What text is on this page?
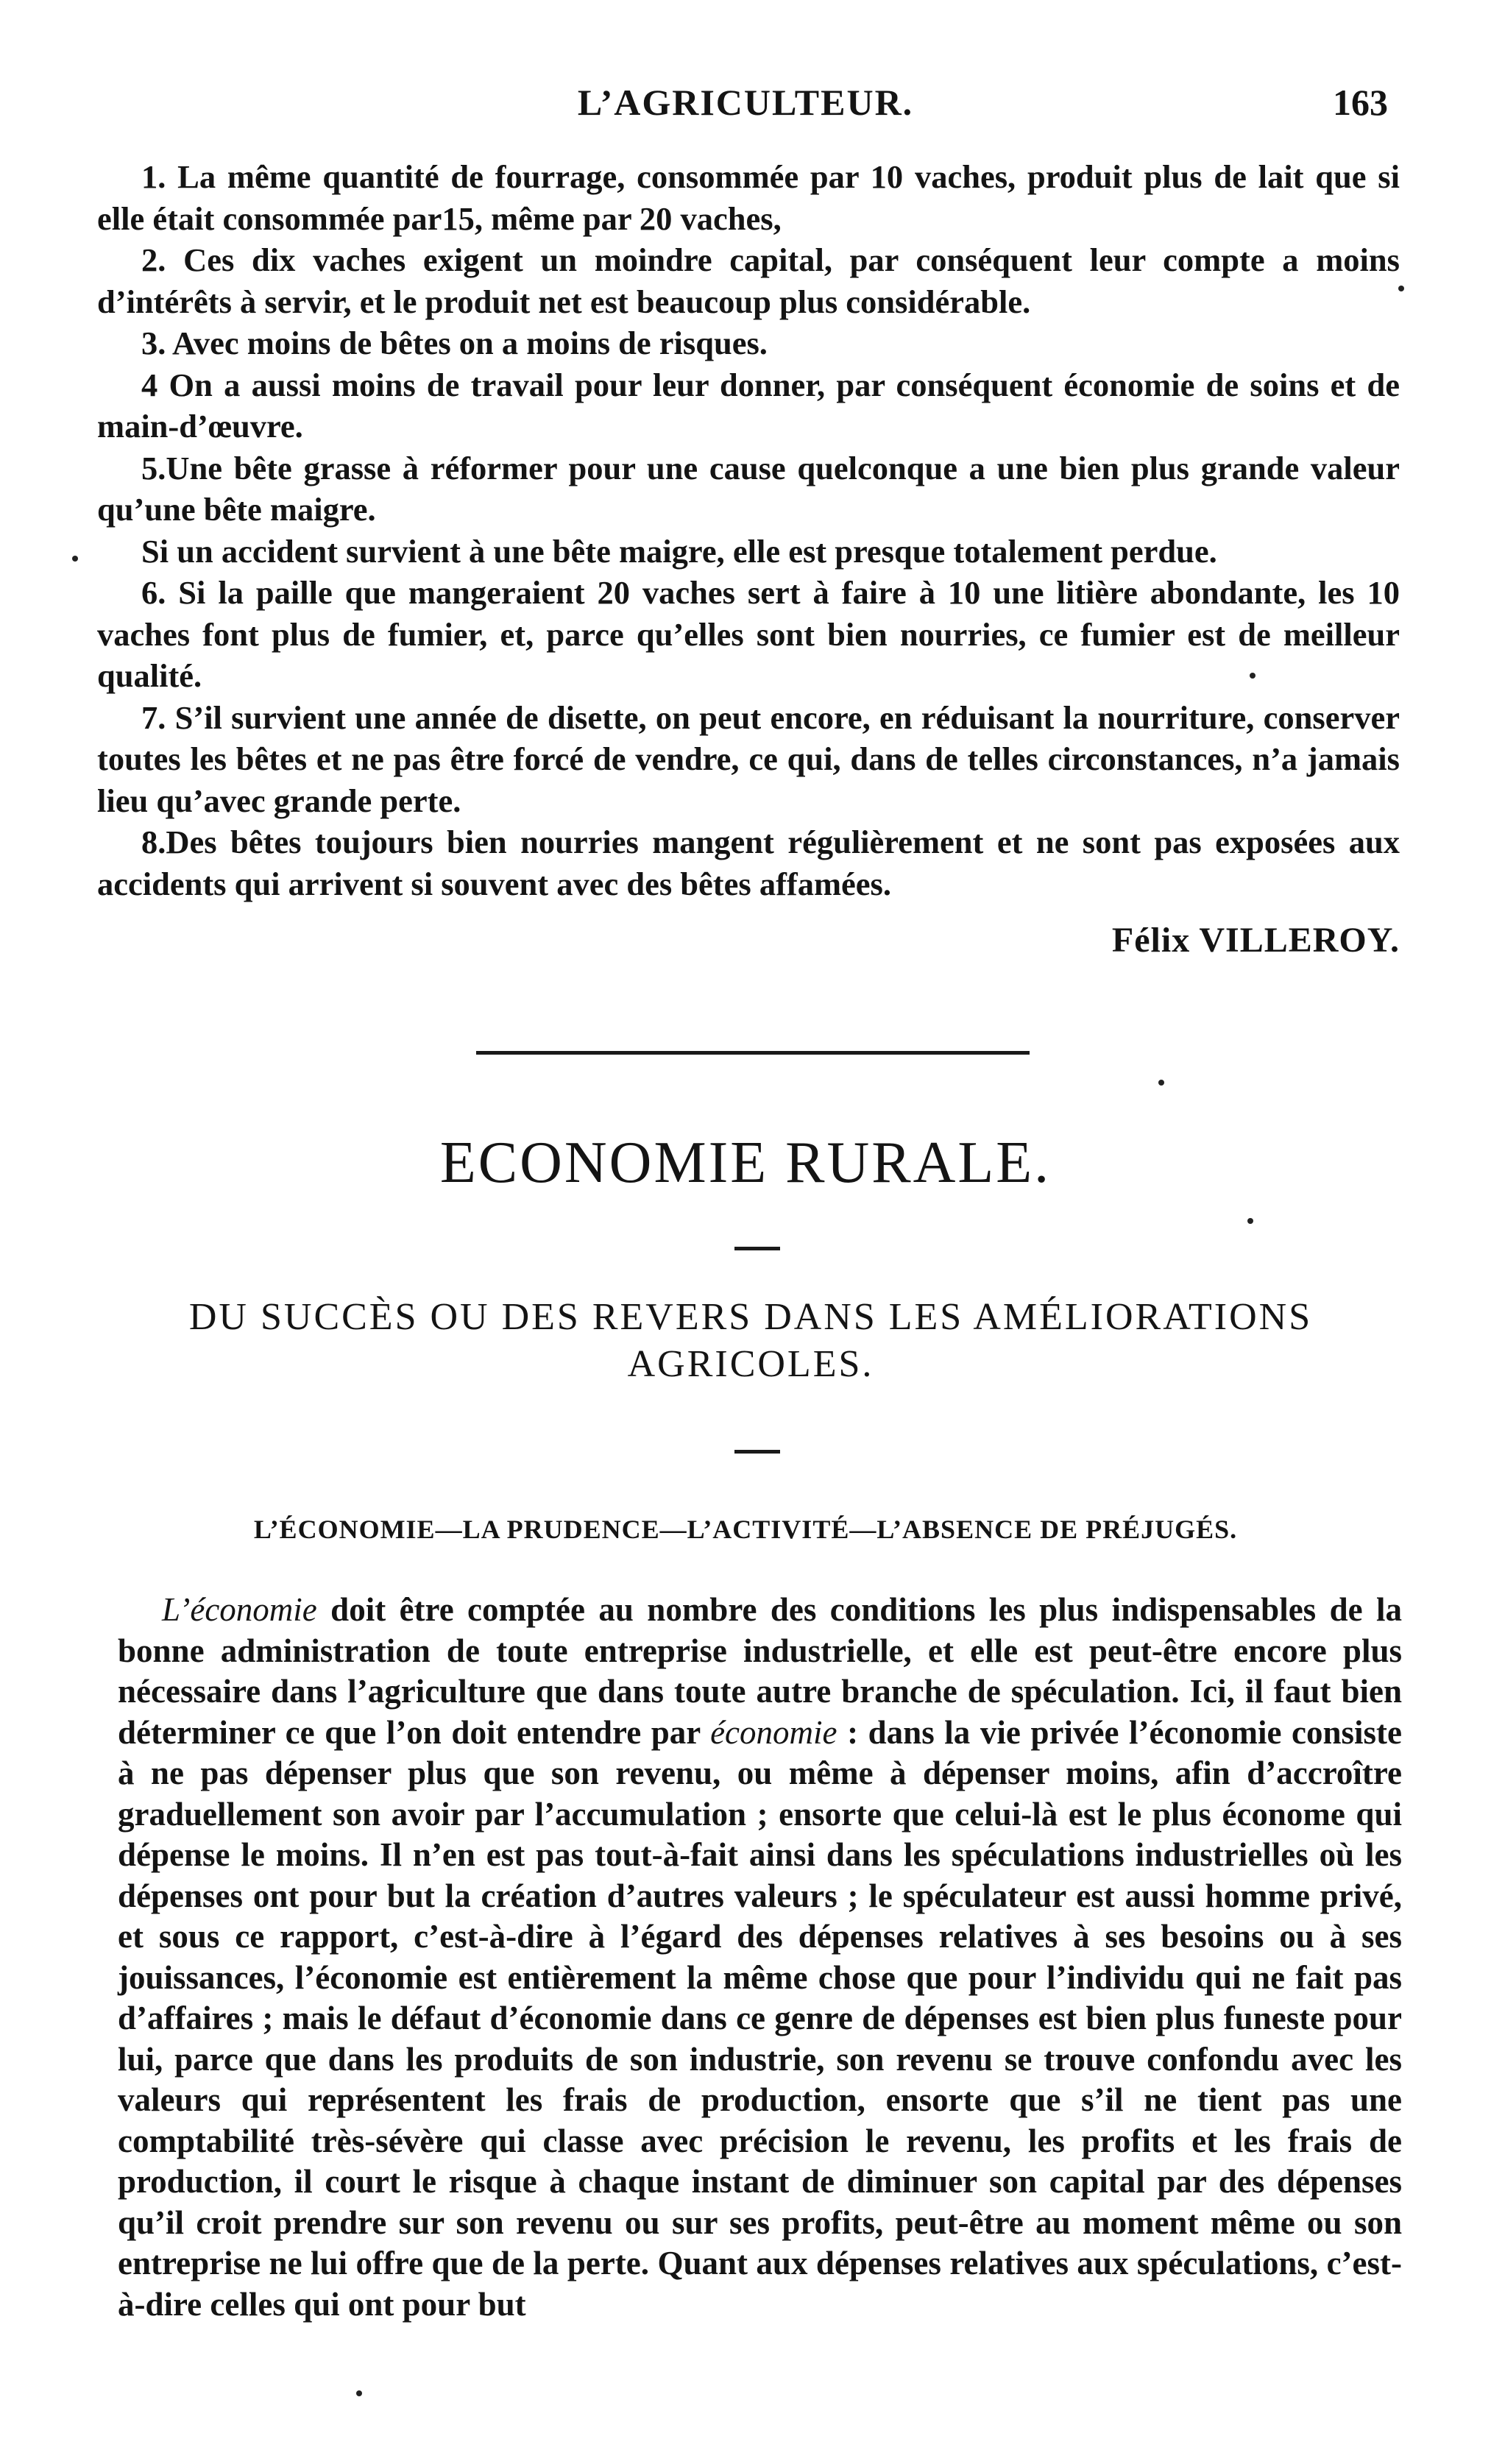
L’AGRICULTEUR.	163

1. La même quantité de fourrage, consommée par 10 vaches, produit plus de lait que si elle était consommée par15, même par 20 vaches,

2. Ces dix vaches exigent un moindre capital, par conséquent leur compte a moins d’intérêts à servir, et le produit net est beaucoup plus considérable.

3. Avec moins de bêtes on a moins de risques.

4 On a aussi moins de travail pour leur donner, par conséquent économie de soins et de main-d’œuvre.

5.Une bête grasse à réformer pour une cause quelconque a une bien plus grande valeur qu’une bête maigre.

Si un accident survient à une bête maigre, elle est presque totalement perdue.

6. Si la paille que mangeraient 20 vaches sert à faire à 10 une litière abondante, les 10 vaches font plus de fumier, et, parce qu’elles sont bien nourries, ce fumier est de meilleur qualité.

7. S’il survient une année de disette, on peut encore, en réduisant la nourriture, conserver toutes les bêtes et ne pas être forcé de vendre, ce qui, dans de telles circonstances, n’a jamais lieu qu’avec grande perte.

8.Des bêtes toujours bien nourries mangent régulièrement et ne sont pas exposées aux accidents qui arrivent si souvent avec des bêtes affamées.

Félix VILLEROY.
ECONOMIE RURALE.
DU SUCCÈS OU DES REVERS DANS LES AMÉLIORATIONS AGRICOLES.
L’ÉCONOMIE—LA PRUDENCE—L’ACTIVITÉ—L’ABSENCE DE PRÉJUGÉS.

L’économie doit être comptée au nombre des conditions les plus indispensables de la bonne administration de toute entreprise industrielle, et elle est peut-être encore plus nécessaire dans l’agriculture que dans toute autre branche de spéculation. Ici, il faut bien déterminer ce que l’on doit entendre par économie : dans la vie privée l’économie consiste à ne pas dépenser plus que son revenu, ou même à dépenser moins, afin d’accroître graduellement son avoir par l’accumulation ; ensorte que celui-là est le plus économe qui dépense le moins. Il n’en est pas tout-à-fait ainsi dans les spéculations industrielles où les dépenses ont pour but la création d’autres valeurs ; le spéculateur est aussi homme privé, et sous ce rapport, c’est-à-dire à l’égard des dépenses relatives à ses besoins ou à ses jouissances, l’économie est entièrement la même chose que pour l’individu qui ne fait pas d’affaires ; mais le défaut d’économie dans ce genre de dépenses est bien plus funeste pour lui, parce que dans les produits de son industrie, son revenu se trouve confondu avec les valeurs qui représentent les frais de production, ensorte que s’il ne tient pas une comptabilité très-sévère qui classe avec précision le revenu, les profits et les frais de production, il court le risque à chaque instant de diminuer son capital par des dépenses qu’il croit prendre sur son revenu ou sur ses profits, peut-être au moment même ou son entreprise ne lui offre que de la perte. Quant aux dépenses relatives aux spéculations, c’est-à-dire celles qui ont pour but
